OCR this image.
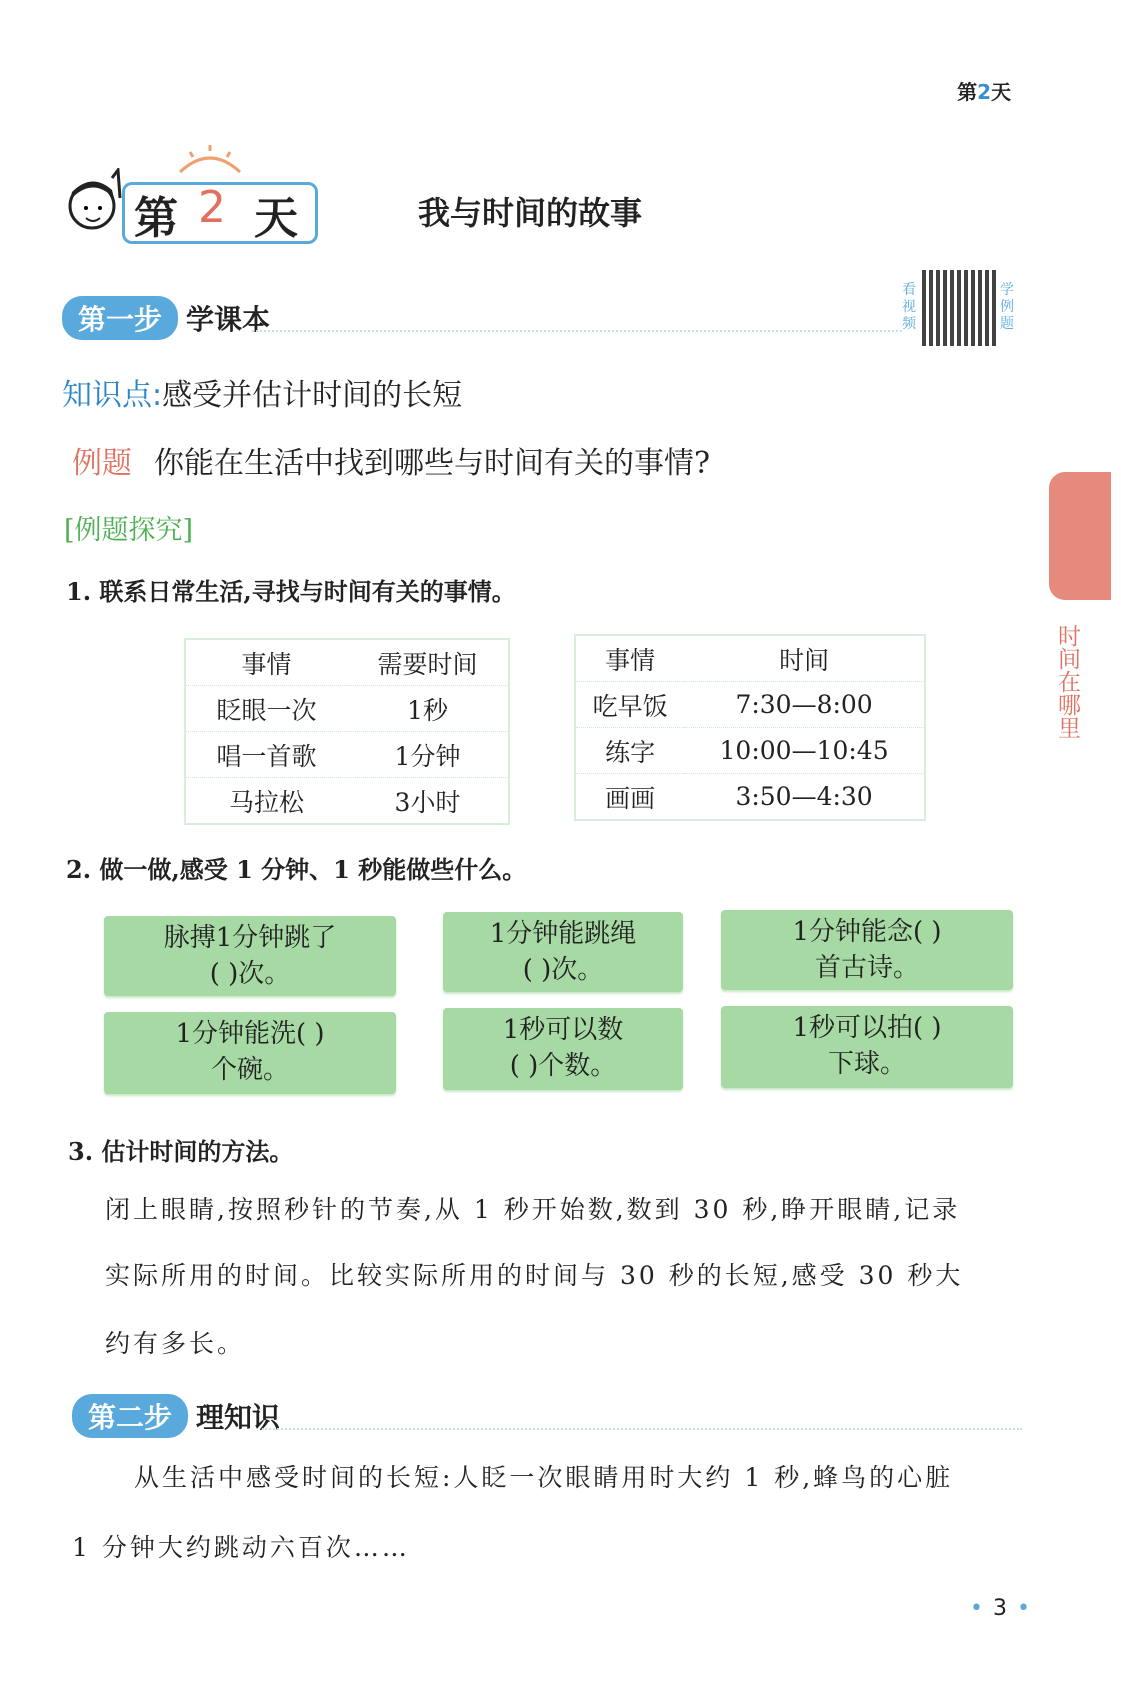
第2天
第 2 天	我与时间的故事
第一步 学课本
看视频
学例题
知识点:感受并估计时间的长短
例题 你能在生活中找到哪些与时间有关的事情?
[例题探究]
1. 联系日常生活,寻找与时间有关的事情。
事情	需要时间
眨眼一次	1秒
唱一首歌	1分钟
马拉松	3小时
事情	时间
吃早饭	7:30—8:00
练字	10:00—10:45
画画	3:50—4:30
2. 做一做,感受 1 分钟、1 秒能做些什么。
脉搏1分钟跳了
( )次。
1分钟能跳绳
( )次。
1分钟能念( )
首古诗。
1分钟能洗( )
个碗。
1秒可以数
( )个数。
1秒可以拍( )
下球。
3. 估计时间的方法。
闭上眼睛,按照秒针的节奏,从 1 秒开始数,数到 30 秒,睁开眼睛,记录
实际所用的时间。比较实际所用的时间与 30 秒的长短,感受 30 秒大
约有多长。
第二步 理知识
从生活中感受时间的长短:人眨一次眼睛用时大约 1 秒,蜂鸟的心脏
1 分钟大约跳动六百次……
时间在哪里
• 3 •
